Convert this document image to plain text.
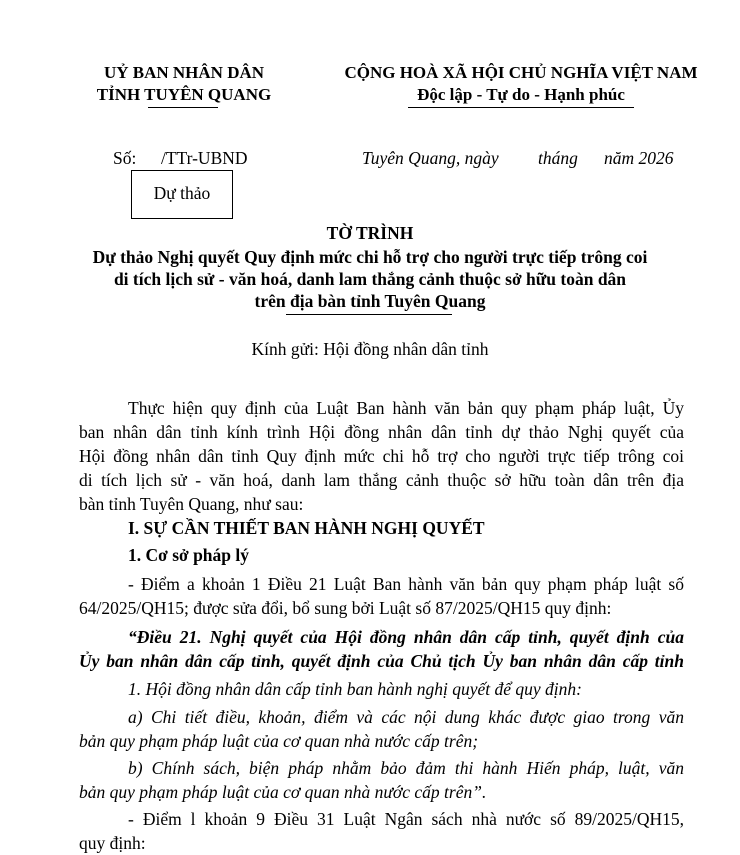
UỶ BAN NHÂN DÂN
TỈNH TUYÊN QUANG
CỘNG HOÀ XÃ HỘI CHỦ NGHĨA VIỆT NAM
Độc lập - Tự do - Hạnh phúc
Số: /TTr-UBND	Tuyên Quang, ngày tháng năm 2026
Dự thảo
TỜ TRÌNH
Dự thảo Nghị quyết Quy định mức chi hỗ trợ cho người trực tiếp trông coi
di tích lịch sử - văn hoá, danh lam thắng cảnh thuộc sở hữu toàn dân
trên địa bàn tỉnh Tuyên Quang
Kính gửi: Hội đồng nhân dân tỉnh
Thực hiện quy định của Luật Ban hành văn bản quy phạm pháp luật, Ủy
ban nhân dân tỉnh kính trình Hội đồng nhân dân tỉnh dự thảo Nghị quyết của
Hội đồng nhân dân tỉnh Quy định mức chi hỗ trợ cho người trực tiếp trông coi
di tích lịch sử - văn hoá, danh lam thắng cảnh thuộc sở hữu toàn dân trên địa
bàn tỉnh Tuyên Quang, như sau:
I. SỰ CẦN THIẾT BAN HÀNH NGHỊ QUYẾT
1. Cơ sở pháp lý
- Điểm a khoản 1 Điều 21 Luật Ban hành văn bản quy phạm pháp luật số
64/2025/QH15; được sửa đổi, bổ sung bởi Luật số 87/2025/QH15 quy định:
“Điều 21. Nghị quyết của Hội đồng nhân dân cấp tỉnh, quyết định của
Ủy ban nhân dân cấp tỉnh, quyết định của Chủ tịch Ủy ban nhân dân cấp tỉnh
1. Hội đồng nhân dân cấp tỉnh ban hành nghị quyết để quy định:
a) Chi tiết điều, khoản, điểm và các nội dung khác được giao trong văn
bản quy phạm pháp luật của cơ quan nhà nước cấp trên;
b) Chính sách, biện pháp nhằm bảo đảm thi hành Hiến pháp, luật, văn
bản quy phạm pháp luật của cơ quan nhà nước cấp trên”.
- Điểm l khoản 9 Điều 31 Luật Ngân sách nhà nước số 89/2025/QH15,
quy định:
